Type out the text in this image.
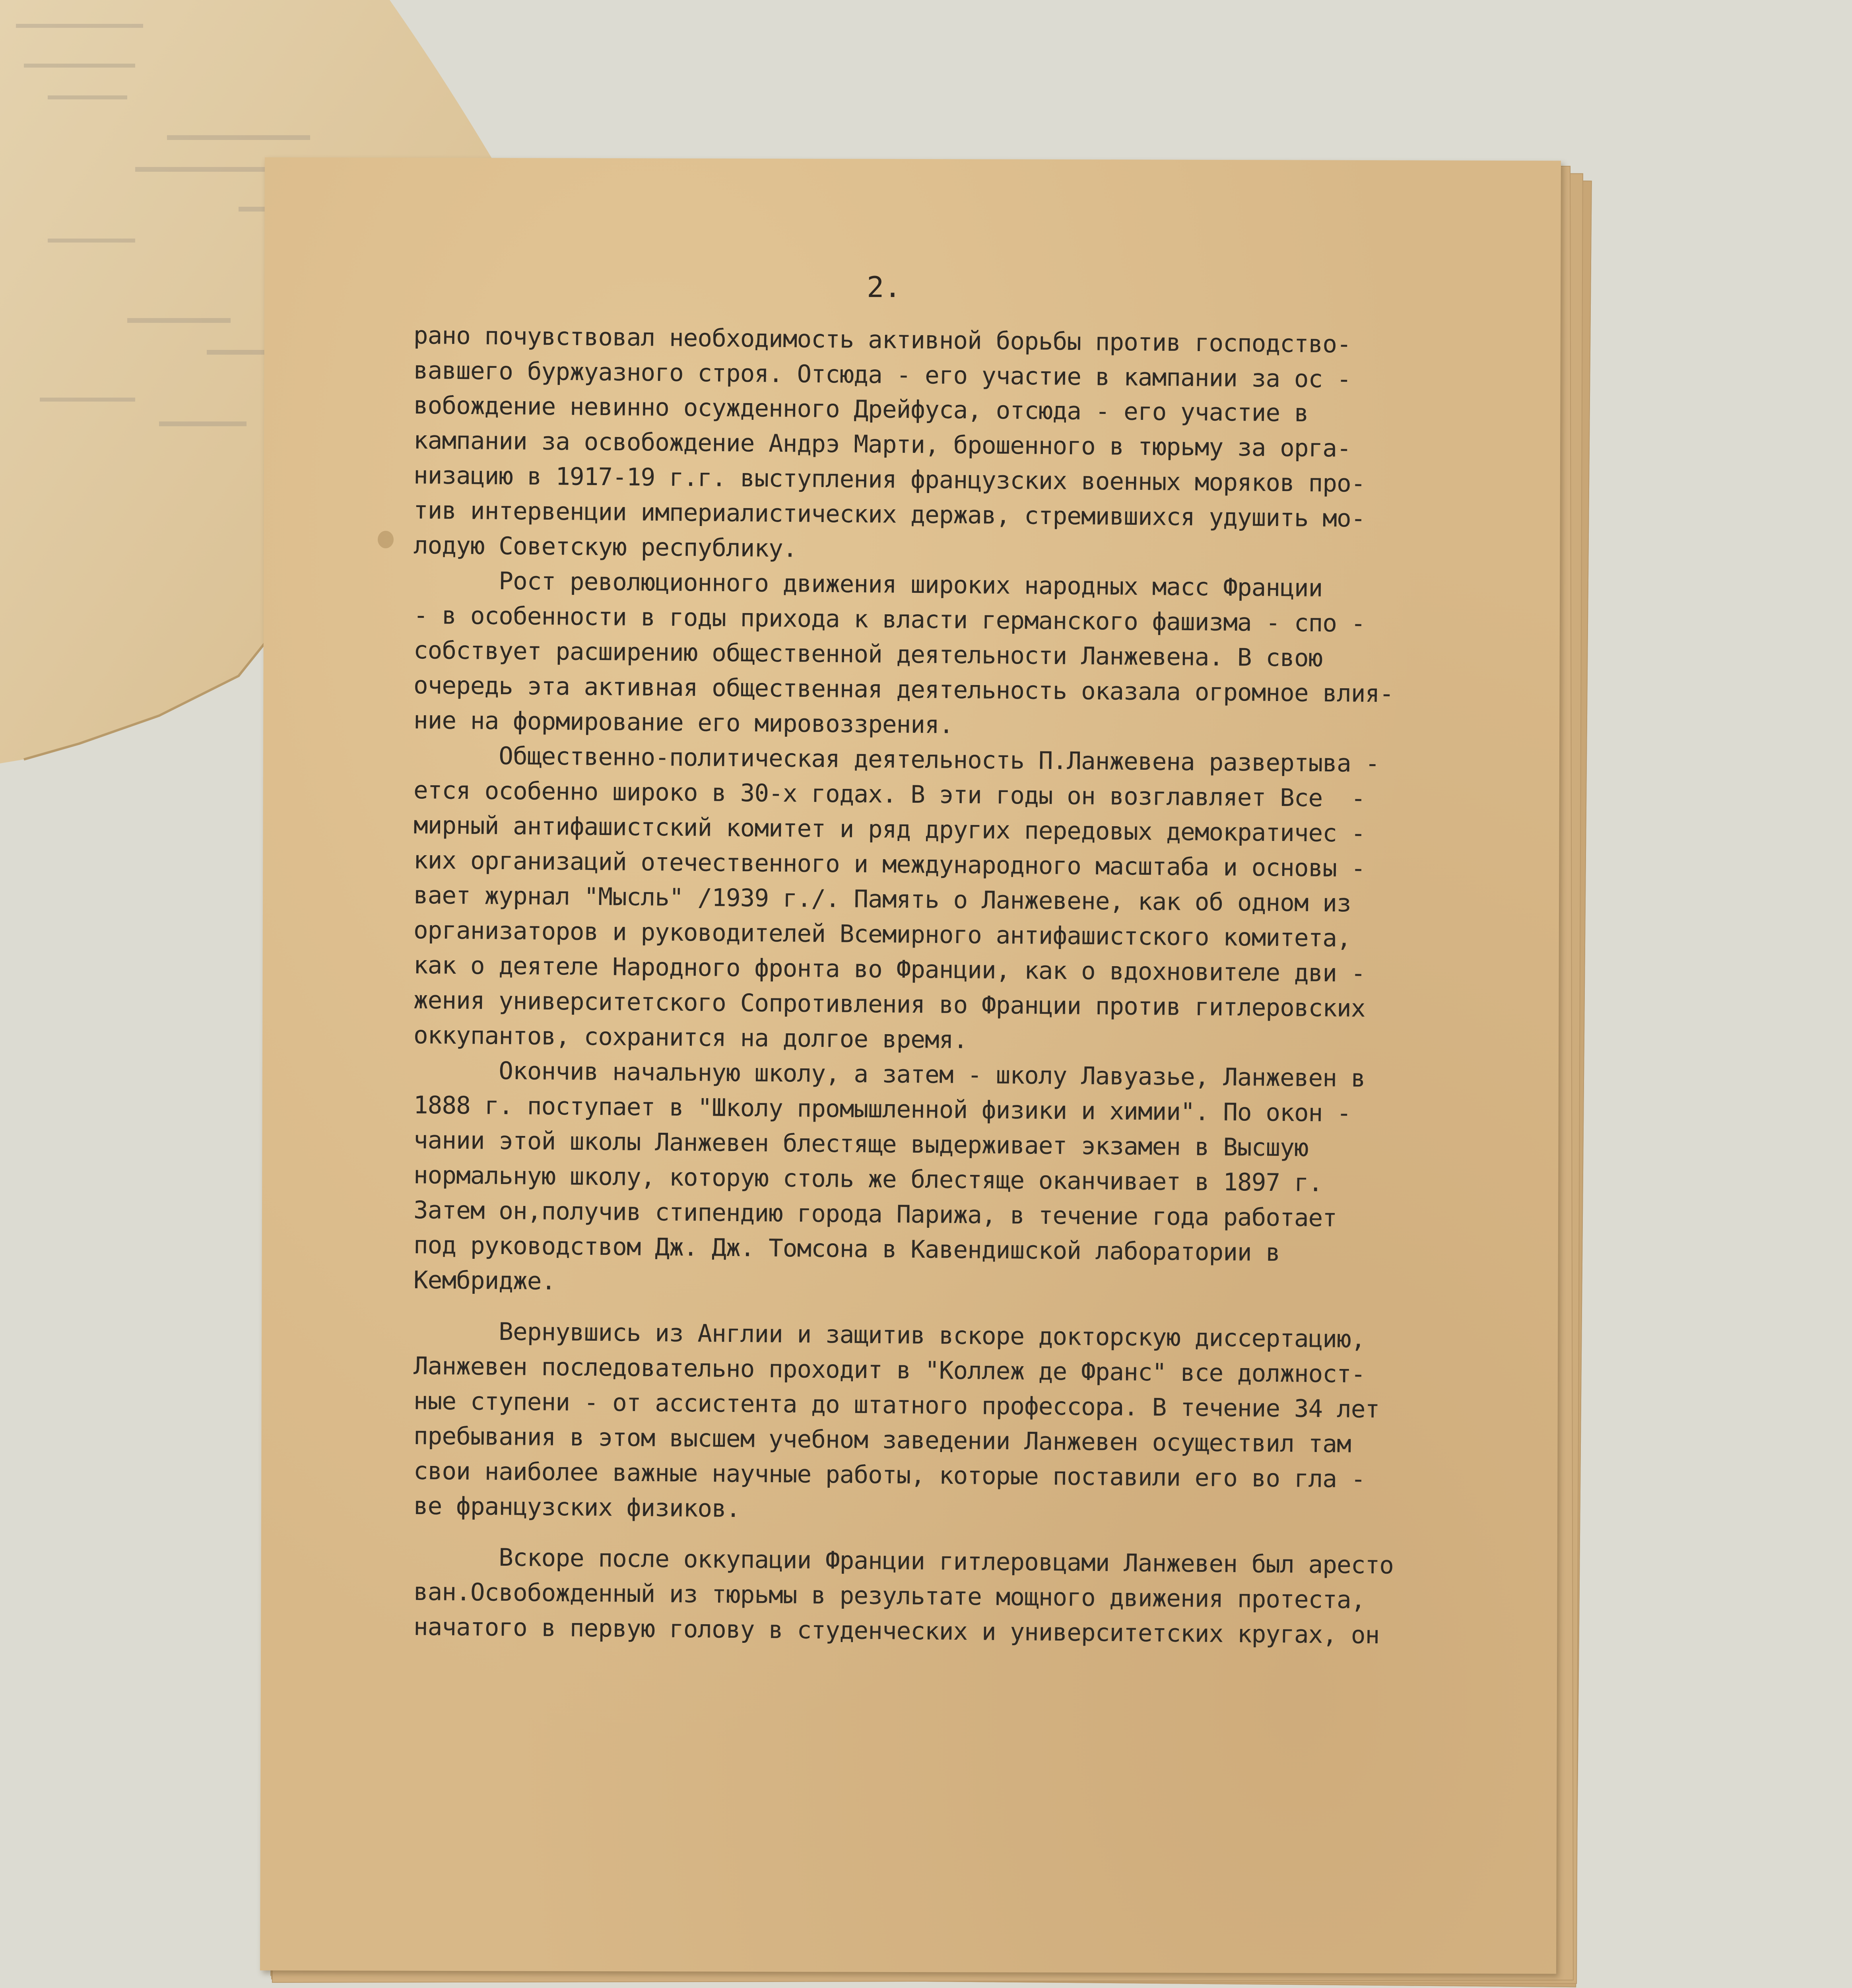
2.
рано почувствовал необходимость активной борьбы против господство-
вавшего буржуазного строя. Отсюда - его участие в кампании за ос -
вобождение невинно осужденного Дрейфуса, отсюда - его участие в
кампании за освобождение Андрэ Марти, брошенного в тюрьму за орга-
низацию в 1917-19 г.г. выступления французских военных моряков про-
тив интервенции империалистических держав, стремившихся удушить мо-
лодую Советскую республику.
Рост революционного движения широких народных масс Франции
- в особенности в годы прихода к власти германского фашизма - спо -
собствует расширению общественной деятельности Ланжевена. В свою
очередь эта активная общественная деятельность оказала огромное влия-
ние на формирование его мировоззрения.
Общественно-политическая деятельность П.Ланжевена развертыва -
ется особенно широко в 30-х годах. В эти годы он возглавляет Все  -
мирный антифашистский комитет и ряд других передовых демократичес -
ких организаций отечественного и международного масштаба и основы -
вает журнал "Мысль" /1939 г./. Память о Ланжевене, как об одном из
организаторов и руководителей Всемирного антифашистского комитета,
как о деятеле Народного фронта во Франции, как о вдохновителе дви -
жения университетского Сопротивления во Франции против гитлеровских
оккупантов, сохранится на долгое время.
Окончив начальную школу, а затем - школу Лавуазье, Ланжевен в
1888 г. поступает в "Школу промышленной физики и химии". По окон -
чании этой школы Ланжевен блестяще выдерживает экзамен в Высшую
нормальную школу, которую столь же блестяще оканчивает в 1897 г.
Затем он,получив стипендию города Парижа, в течение года работает
под руководством Дж. Дж. Томсона в Кавендишской лаборатории в
Кембридже.
Вернувшись из Англии и защитив вскоре докторскую диссертацию,
Ланжевен последовательно проходит в "Коллеж де Франс" все должност-
ные ступени - от ассистента до штатного профессора. В течение 34 лет
пребывания в этом высшем учебном заведении Ланжевен осуществил там
свои наиболее важные научные работы, которые поставили его во гла -
ве французских физиков.
Вскоре после оккупации Франции гитлеровцами Ланжевен был аресто
ван.Освобожденный из тюрьмы в результате мощного движения протеста,
начатого в первую голову в студенческих и университетских кругах, он
